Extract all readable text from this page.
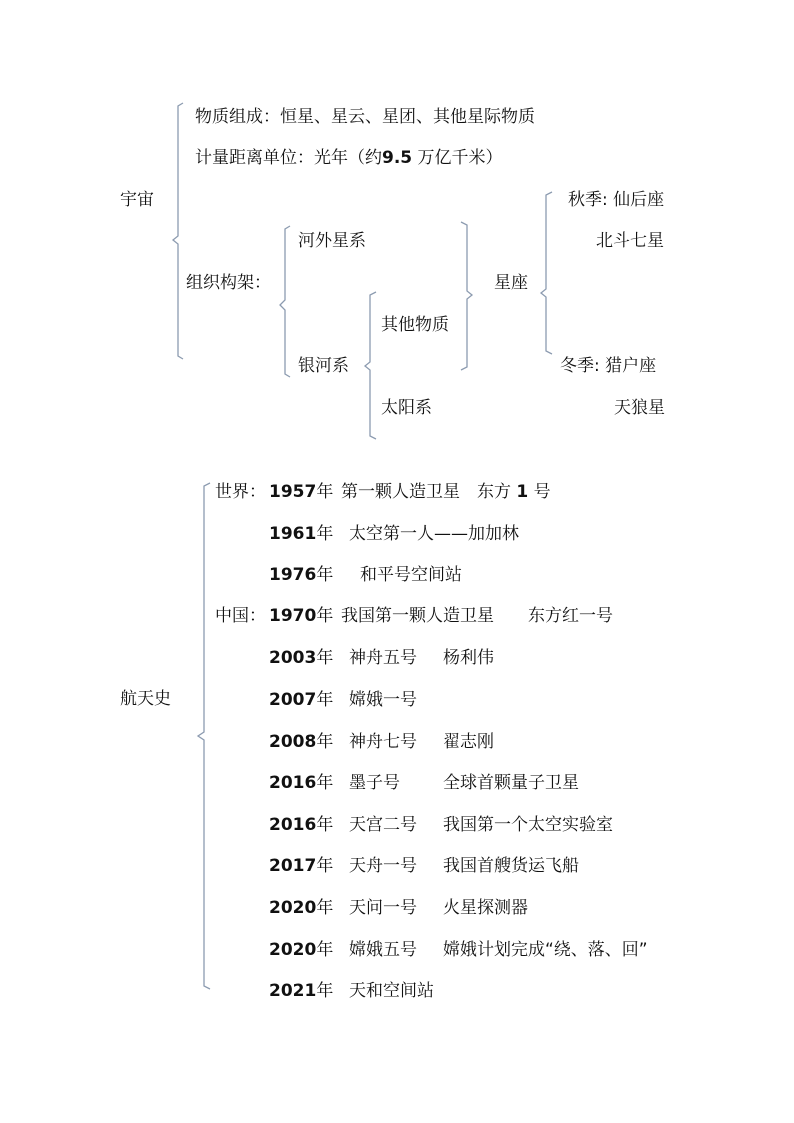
宇宙
物质组成：恒星、星云、星团、其他星际物质
计量距离单位：光年（约9.5 万亿千米）
组织构架：
河外星系
银河系
其他物质
太阳系
星座
秋季: 仙后座
北斗七星
冬季: 猎户座
天狼星
航天史
世界：
中国：
1957年 第一颗人造卫星　东方 1 号
1961年 太空第一人——加加林
1976年 和平号空间站
1970年 我国第一颗人造卫星 东方红一号
2003年 神舟五号 杨利伟
2007年 嫦娥一号
2008年 神舟七号 翟志刚
2016年 墨子号	全球首颗量子卫星
2016年 天宫二号 我国第一个太空实验室
2017年 天舟一号 我国首艘货运飞船
2020年 天问一号 火星探测器
2020年 嫦娥五号 嫦娥计划完成“绕、落、回”
2021年 天和空间站
